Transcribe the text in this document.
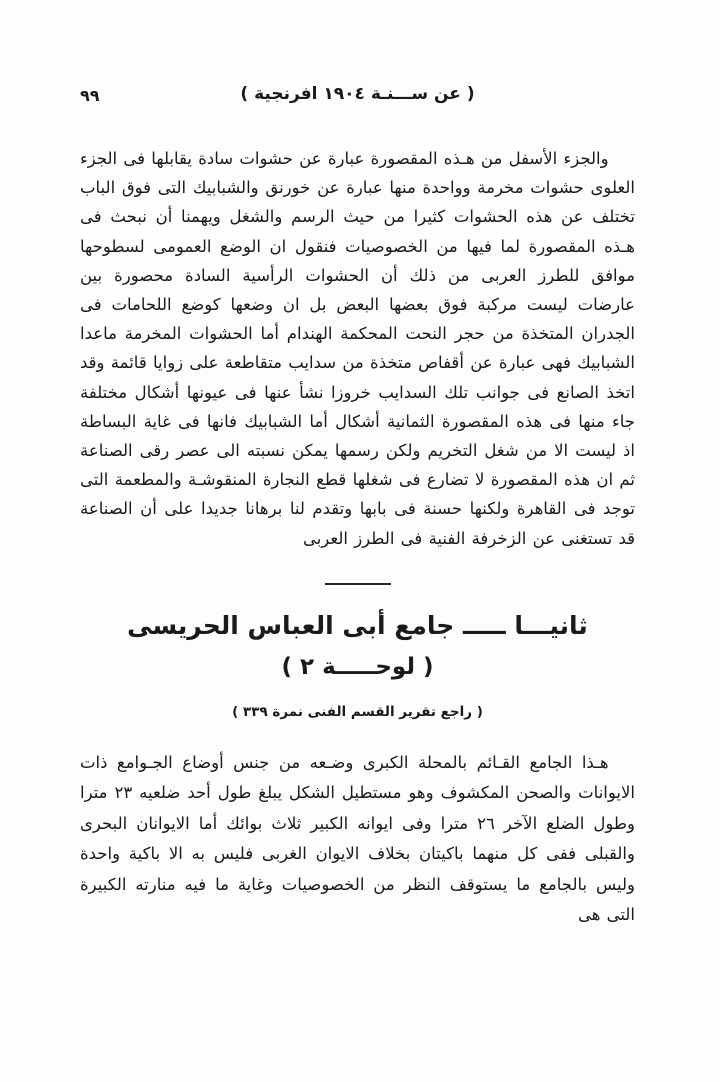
٩٩	( عن ســـنـة ١٩٠٤ افرنجية )

والجزء الأسفل من هـذه المقصورة عبارة عن حشوات سادة يقابلها فى الجزء العلوى حشوات مخرمة وواحدة منها عبارة عن خورنق والشبابيك التى فوق الباب تختلف عن هذه الحشوات كثيرا من حيث الرسم والشغل ويهمنا أن نبحث فى هـذه المقصورة لما فيها من الخصوصيات فنقول ان الوضع العمومى لسطوحها موافق للطرز العربى من ذلك أن الحشوات الرأسية السادة محصورة بين عارضات ليست مركبة فوق بعضها البعض بل ان وضعها كوضع اللحامات فى الجدران المتخذة من حجر النحت المحكمة الهندام أما الحشوات المخرمة ماعدا الشبابيك فهى عبارة عن أقفاص متخذة من سدايب متقاطعة على زوايا قائمة وقد اتخذ الصانع فى جوانب تلك السدايب خروزا نشأ عنها فى عيونها أشكال مختلفة جاء منها فى هذه المقصورة الثمانية أشكال أما الشبابيك فانها فى غاية البساطة اذ ليست الا من شغل التخريم ولكن رسمها يمكن نسبته الى عصر رقى الصناعة ثم ان هذه المقصورة لا تضارع فى شغلها قطع النجارة المنقوشـة والمطعمة التى توجد فى القاهرة ولكنها حسنة فى بابها وتقدم لنا برهانا جديدا على أن الصناعة قد تستغنى عن الزخرفة الفنية فى الطرز العربى

ثانيـــا ـــــ جامع أبى العباس الحريسى
( لوحـــــة ٢ )
( راجع تقرير القسم الفنى نمرة ٣٣٩ )

هـذا الجامع القـائم بالمحلة الكبرى وضـعه من جنس أوضاع الجـوامع ذات الايوانات والصحن المكشوف وهو مستطيل الشكل يبلغ طول أحد ضلعيه ٢٣ مترا وطول الضلع الآخر ٢٦ مترا وفى ايوانه الكبير ثلاث بوائك أما الايوانان البحرى والقبلى ففى كل منهما باكيتان بخلاف الايوان الغربى فليس به الا باكية واحدة وليس بالجامع ما يستوقف النظر من الخصوصيات وغاية ما فيه منارته الكبيرة التى هى
